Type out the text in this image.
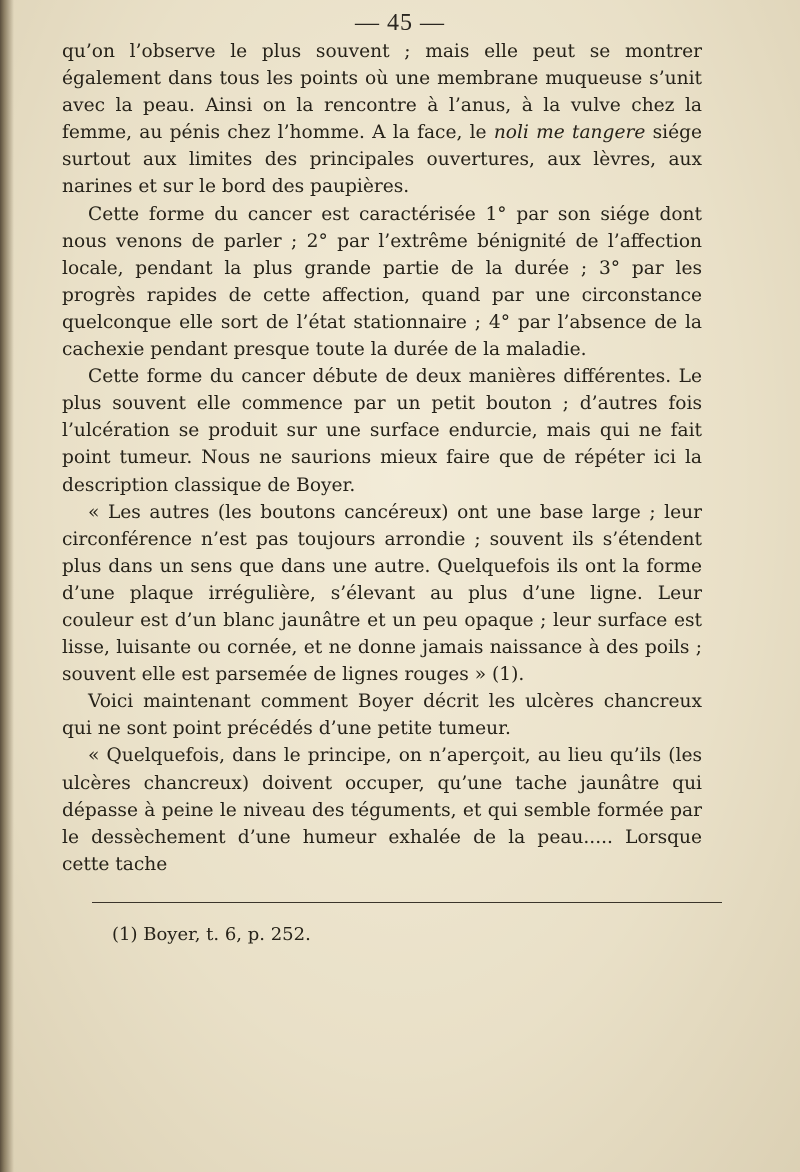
— 45 —

qu’on l’observe le plus souvent ; mais elle peut se montrer également dans tous les points où une membrane muqueuse s’unit avec la peau. Ainsi on la rencontre à l’anus, à la vulve chez la femme, au pénis chez l’homme. A la face, le noli me tangere siége surtout aux limites des principales ouvertures, aux lèvres, aux narines et sur le bord des paupières.

Cette forme du cancer est caractérisée 1° par son siége dont nous venons de parler ; 2° par l’extrême bénignité de l’affection locale, pendant la plus grande partie de la durée ; 3° par les progrès rapides de cette affection, quand par une circonstance quelconque elle sort de l’état stationnaire ; 4° par l’absence de la cachexie pendant presque toute la durée de la maladie.

Cette forme du cancer débute de deux manières différentes. Le plus souvent elle commence par un petit bouton ; d’autres fois l’ulcération se produit sur une surface endurcie, mais qui ne fait point tumeur. Nous ne saurions mieux faire que de répéter ici la description classique de Boyer.

« Les autres (les boutons cancéreux) ont une base large ; leur circonférence n’est pas toujours arrondie ; souvent ils s’étendent plus dans un sens que dans une autre. Quelquefois ils ont la forme d’une plaque irrégulière, s’élevant au plus d’une ligne. Leur couleur est d’un blanc jaunâtre et un peu opaque ; leur surface est lisse, luisante ou cornée, et ne donne jamais naissance à des poils ; souvent elle est parsemée de lignes rouges » (1).

Voici maintenant comment Boyer décrit les ulcères chancreux qui ne sont point précédés d’une petite tumeur.

« Quelquefois, dans le principe, on n’aperçoit, au lieu qu’ils (les ulcères chancreux) doivent occuper, qu’une tache jaunâtre qui dépasse à peine le niveau des téguments, et qui semble formée par le dessèchement d’une humeur exhalée de la peau..... Lorsque cette tache

(1) Boyer, t. 6, p. 252.
